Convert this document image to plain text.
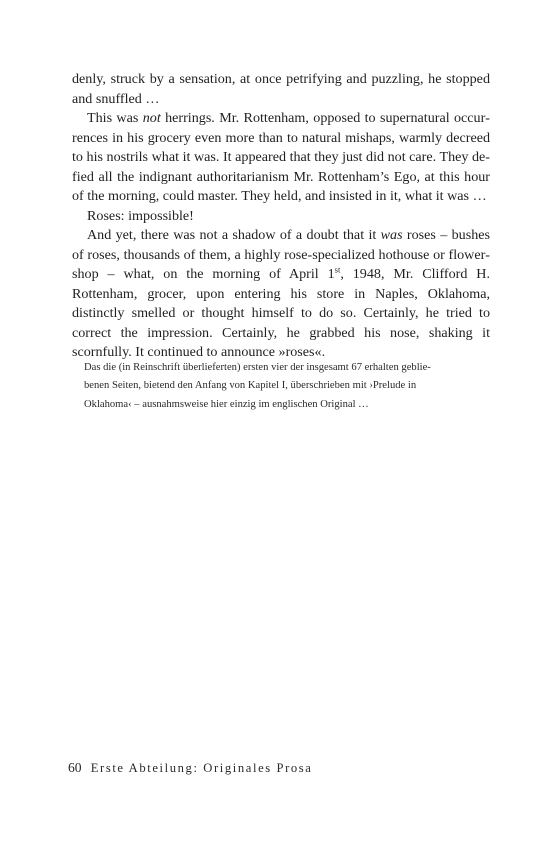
denly, struck by a sensation, at once petrifying and puzzling, he stopped and snuffled …

This was not herrings. Mr. Rottenham, opposed to supernatural occurrences in his grocery even more than to natural mishaps, warmly decreed to his nostrils what it was. It appeared that they just did not care. They defied all the indignant authoritarianism Mr. Rottenham’s Ego, at this hour of the morning, could master. They held, and insisted in it, what it was …

Roses: impossible!

And yet, there was not a shadow of a doubt that it was roses – bushes of roses, thousands of them, a highly rose-specialized hothouse or flowershop – what, on the morning of April 1st, 1948, Mr. Clifford H. Rottenham, grocer, upon entering his store in Naples, Oklahoma, distinctly smelled or thought himself to do so. Certainly, he tried to correct the impression. Certainly, he grabbed his nose, shaking it scornfully. It continued to announce »roses«.

Das die (in Reinschrift überlieferten) ersten vier der insgesamt 67 erhalten geblie-
benen Seiten, bietend den Anfang von Kapitel I, überschrieben mit ›Prelude in
Oklahoma‹ – ausnahmsweise hier einzig im englischen Original …
60 Erste Abteilung: Originales Prosa
